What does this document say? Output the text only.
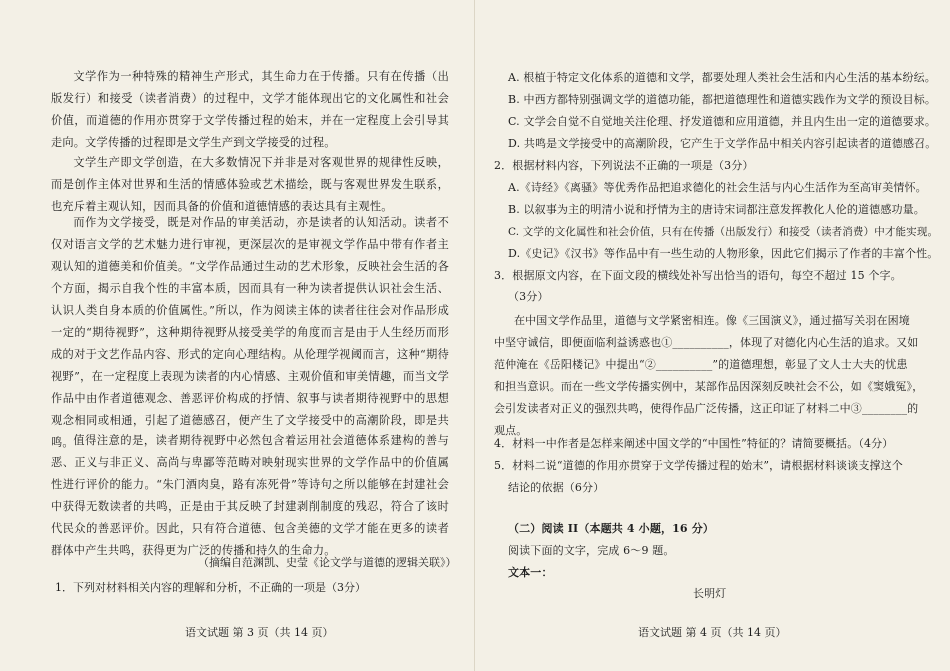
文学作为一种特殊的精神生产形式，其生命力在于传播。只有在传播（出版发行）和接受（读者消费）的过程中，文学才能体现出它的文化属性和社会价值，而道德的作用亦贯穿于文学传播过程的始末，并在一定程度上会引导其走向。文学传播的过程即是文学生产到文学接受的过程。

文学生产即文学创造，在大多数情况下并非是对客观世界的规律性反映，而是创作主体对世界和生活的情感体验或艺术描绘，既与客观世界发生联系，也充斥着主观认知，因而具备的价值和道德情感的表达具有主观性。

而作为文学接受，既是对作品的审美活动，亦是读者的认知活动。读者不仅对语言文学的艺术魅力进行审视，更深层次的是审视文学作品中带有作者主观认知的道德美和价值美。“文学作品通过生动的艺术形象，反映社会生活的各个方面，揭示自我个性的丰富本质，因而具有一种为读者提供认识社会生活、认识人类自身本质的价值属性。”所以，作为阅读主体的读者往往会对作品形成一定的“期待视野”，这种期待视野从接受美学的角度而言是由于人生经历而形成的对于文艺作品内容、形式的定向心理结构。从伦理学视阈而言，这种“期待视野”，在一定程度上表现为读者的内心情感、主观价值和审美情趣，而当文学作品中由作者道德观念、善恶评价构成的抒情、叙事与读者期待视野中的思想观念相同或相通，引起了道德感召，便产生了文学接受中的高潮阶段，即是共鸣。 值得注意的是，读者期待视野中必然包含着运用社会道德体系建构的善与恶、正义与非正义、高尚与卑鄙等范畴对映射现实世界的文学作品中的价值属性进行评价的能力。“朱门酒肉臭，路有冻死骨”等诗句之所以能够在封建社会中获得无数读者的共鸣，正是由于其反映了封建剥削制度的残忍，符合了该时代民众的善恶评价。因此，只有符合道德、包含美德的文学才能在更多的读者群体中产生共鸣，获得更为广泛的传播和持久的生命力。

（摘编自范渊凯、史莹《论文学与道德的逻辑关联》）
1．下列对材料相关内容的理解和分析，不正确的一项是（3分）
语文试题 第 3 页（共 14 页）
A. 根植于特定文化体系的道德和文学，都要处理人类社会生活和内心生活的基本纷纭。
B. 中西方都特别强调文学的道德功能，都把道德理性和道德实践作为文学的预设目标。
C. 文学会自觉不自觉地关注伦理、抒发道德和应用道德，并且内生出一定的道德要求。
D. 共鸣是文学接受中的高潮阶段，它产生于文学作品中相关内容引起读者的道德感召。
2．根据材料内容，下列说法不正确的一项是（3分）
A.《诗经》《离骚》等优秀作品把追求德化的社会生活与内心生活作为至高审美情怀。
B. 以叙事为主的明清小说和抒情为主的唐诗宋词都注意发挥教化人伦的道德感功量。
C. 文学的文化属性和社会价值，只有在传播（出版发行）和接受（读者消费）中才能实现。
D.《史记》《汉书》等作品中有一些生动的人物形象，因此它们揭示了作者的丰富个性。
3．根据原文内容，在下面文段的横线处补写出恰当的语句，每空不超过 15 个字。
（3分）
在中国文学作品里，道德与文学紧密相连。像《三国演义》，通过描写关羽在困境
中坚守诚信，即便面临利益诱惑也①__________，体现了对德化内心生活的追求。又如
范仲淹在《岳阳楼记》中提出“②__________”的道德理想，彰显了文人士大夫的忧患
和担当意识。而在一些文学传播实例中，某部作品因深刻反映社会不公，如《窦娥冤》，
会引发读者对正义的强烈共鸣，使得作品广泛传播，这正印证了材料二中③________的
观点。
4．材料一中作者是怎样来阐述中国文学的“中国性”特征的？请简要概括。（4分）
5．材料二说“道德的作用亦贯穿于文学传播过程的始末”，请根据材料谈谈支撑这个
结论的依据（6分）
（二）阅读 II（本题共 4 小题，16 分）
阅读下面的文字，完成 6～9 题。
文本一：
长明灯
语文试题 第 4 页（共 14 页）
